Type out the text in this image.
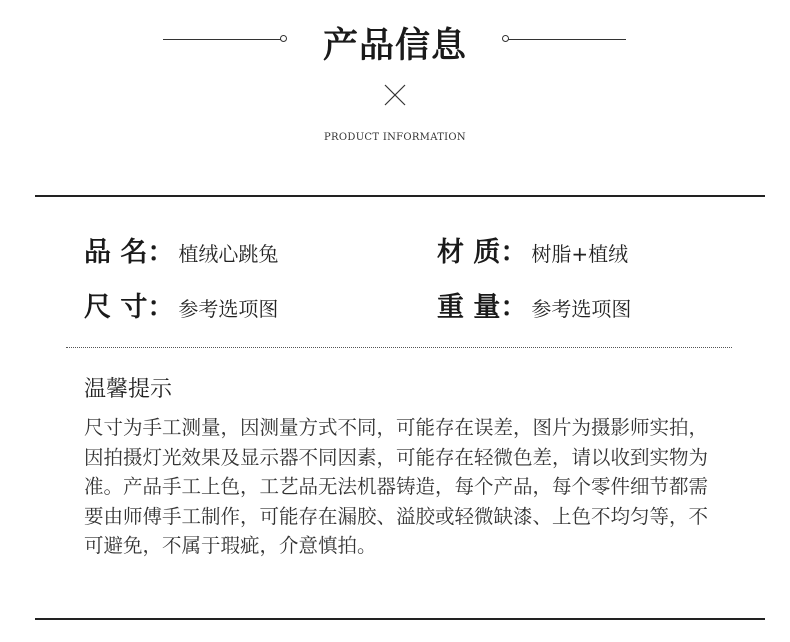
产品信息
PRODUCT INFORMATION
品 名： 植绒心跳兔	材 质： 树脂+植绒
尺 寸： 参考选项图	重 量： 参考选项图
温馨提示
尺寸为手工测量，因测量方式不同，可能存在误差，图片为摄影师实拍，因拍摄灯光效果及显示器不同因素，可能存在轻微色差，请以收到实物为准。产品手工上色，工艺品无法机器铸造，每个产品，每个零件细节都需要由师傅手工制作，可能存在漏胶、溢胶或轻微缺漆、上色不均匀等，不可避免，不属于瑕疵，介意慎拍。
